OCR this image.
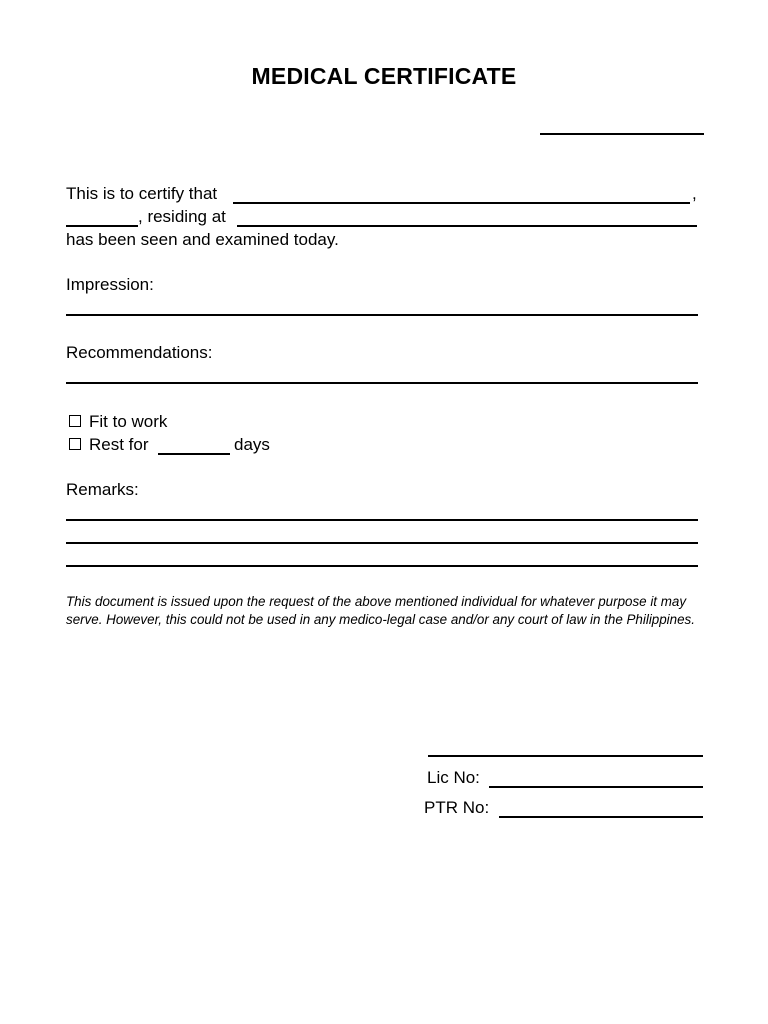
MEDICAL CERTIFICATE
This is to certify that	,
, residing at
has been seen and examined today.
Impression:
Recommendations:
Fit to work
Rest for	days
Remarks:
This document is issued upon the request of the above mentioned individual for whatever purpose it may serve. However, this could not be used in any medico-legal case and/or any court of law in the Philippines.
Lic No:
PTR No:
